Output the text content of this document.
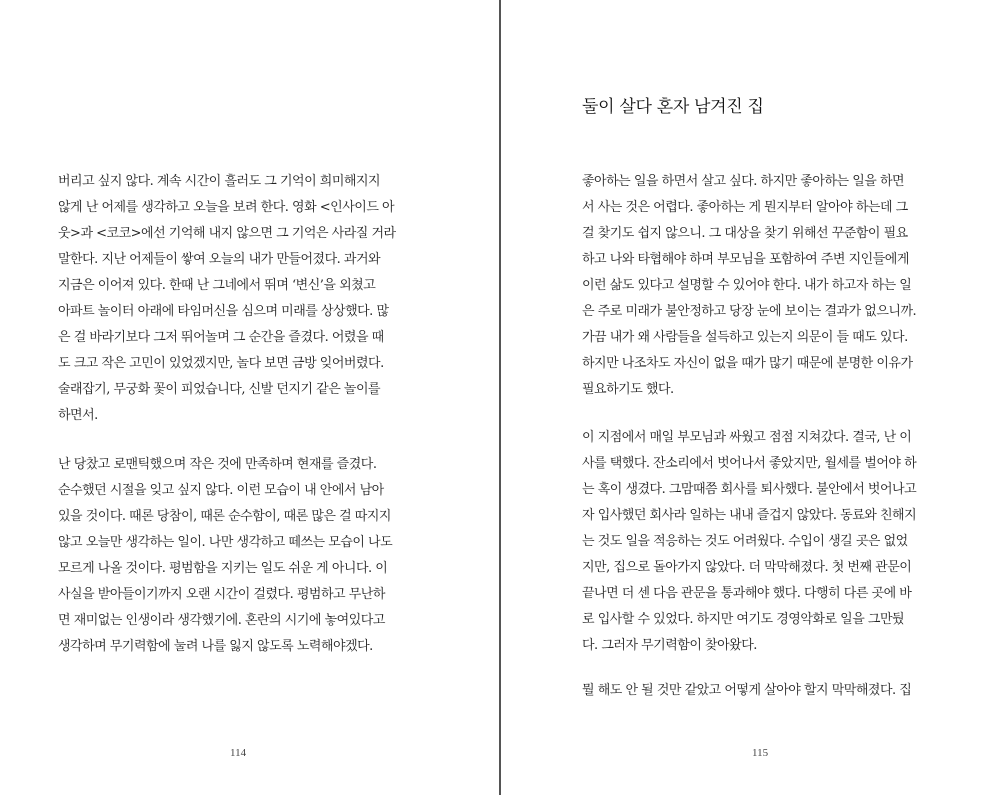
버리고 싶지 않다. 계속 시간이 흘러도 그 기억이 희미해지지
않게 난 어제를 생각하고 오늘을 보려 한다. 영화 <인사이드 아
웃>과 <코코>에선 기억해 내지 않으면 그 기억은 사라질 거라
말한다. 지난 어제들이 쌓여 오늘의 내가 만들어졌다. 과거와
지금은 이어져 있다. 한때 난 그네에서 뛰며 ‘변신’을 외쳤고
아파트 놀이터 아래에 타임머신을 심으며 미래를 상상했다. 많
은 걸 바라기보다 그저 뛰어놀며 그 순간을 즐겼다. 어렸을 때
도 크고 작은 고민이 있었겠지만, 놀다 보면 금방 잊어버렸다.
술래잡기, 무궁화 꽃이 피었습니다, 신발 던지기 같은 놀이를
하면서.

난 당찼고 로맨틱했으며 작은 것에 만족하며 현재를 즐겼다.
순수했던 시절을 잊고 싶지 않다. 이런 모습이 내 안에서 남아
있을 것이다. 때론 당참이, 때론 순수함이, 때론 많은 걸 따지지
않고 오늘만 생각하는 일이. 나만 생각하고 떼쓰는 모습이 나도
모르게 나올 것이다. 평범함을 지키는 일도 쉬운 게 아니다. 이
사실을 받아들이기까지 오랜 시간이 걸렸다. 평범하고 무난하
면 재미없는 인생이라 생각했기에. 혼란의 시기에 놓여있다고
생각하며 무기력함에 눌려 나를 잃지 않도록 노력해야겠다.

114
둘이 살다 혼자 남겨진 집

좋아하는 일을 하면서 살고 싶다. 하지만 좋아하는 일을 하면
서 사는 것은 어렵다. 좋아하는 게 뭔지부터 알아야 하는데 그
걸 찾기도 쉽지 않으니. 그 대상을 찾기 위해선 꾸준함이 필요
하고 나와 타협해야 하며 부모님을 포함하여 주변 지인들에게
이런 삶도 있다고 설명할 수 있어야 한다. 내가 하고자 하는 일
은 주로 미래가 불안정하고 당장 눈에 보이는 결과가 없으니까.
가끔 내가 왜 사람들을 설득하고 있는지 의문이 들 때도 있다.
하지만 나조차도 자신이 없을 때가 많기 때문에 분명한 이유가
필요하기도 했다.

이 지점에서 매일 부모님과 싸웠고 점점 지쳐갔다. 결국, 난 이
사를 택했다. 잔소리에서 벗어나서 좋았지만, 월세를 벌어야 하
는 혹이 생겼다. 그맘때쯤 회사를 퇴사했다. 불안에서 벗어나고
자 입사했던 회사라 일하는 내내 즐겁지 않았다. 동료와 친해지
는 것도 일을 적응하는 것도 어려웠다. 수입이 생길 곳은 없었
지만, 집으로 돌아가지 않았다. 더 막막해졌다. 첫 번째 관문이
끝나면 더 센 다음 관문을 통과해야 했다. 다행히 다른 곳에 바
로 입사할 수 있었다. 하지만 여기도 경영악화로 일을 그만뒀
다. 그러자 무기력함이 찾아왔다.

뭘 해도 안 될 것만 같았고 어떻게 살아야 할지 막막해졌다. 집

115
